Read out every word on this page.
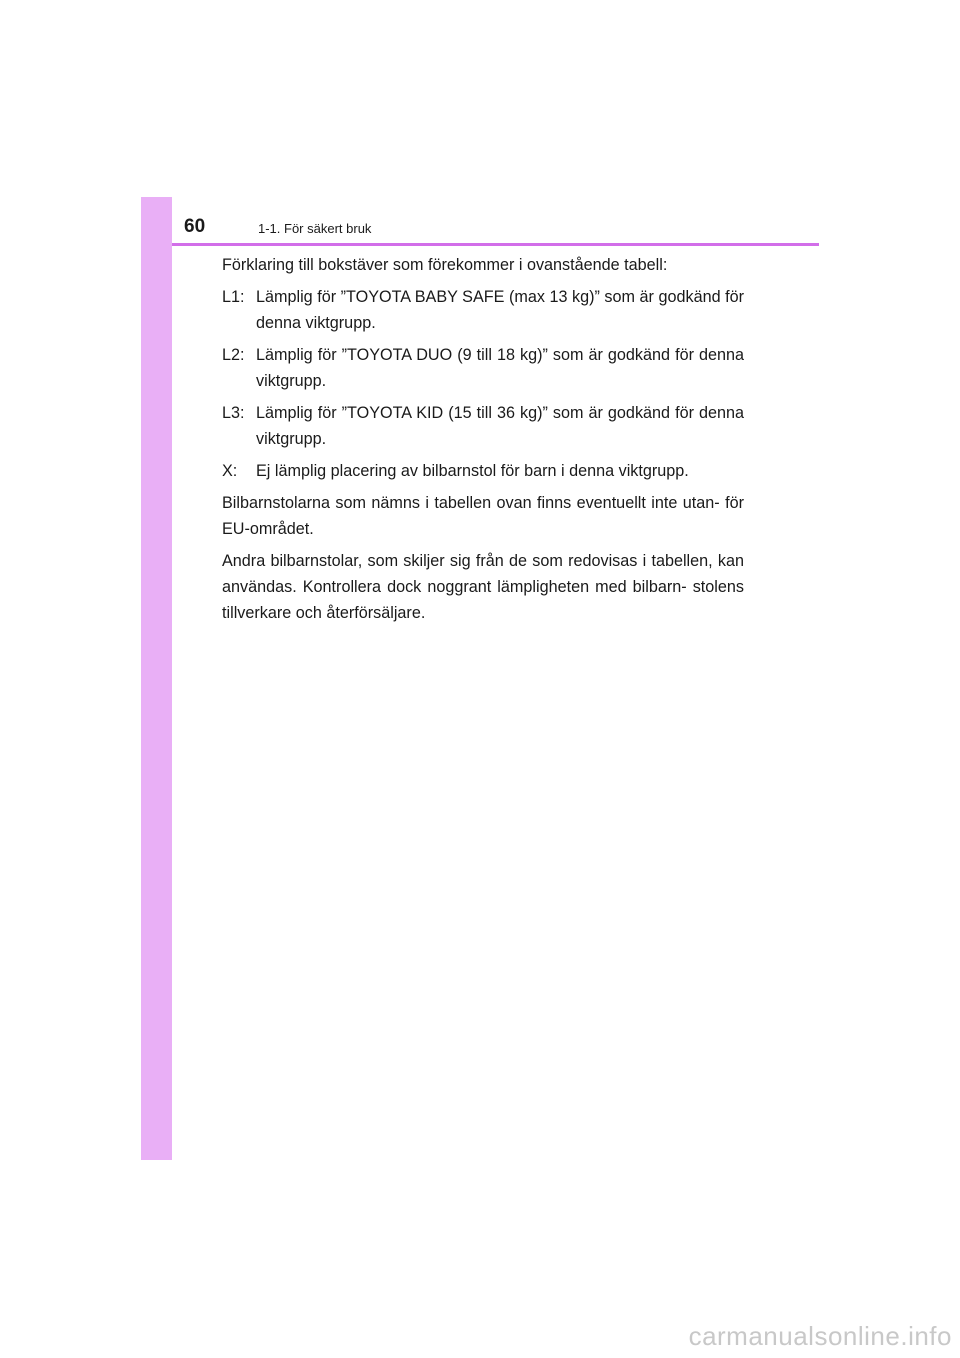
60	1-1. För säkert bruk

Förklaring till bokstäver som förekommer i ovanstående tabell:

L1: Lämplig för ”TOYOTA BABY SAFE (max 13 kg)” som är godkänd för denna viktgrupp.
L2: Lämplig för ”TOYOTA DUO (9 till 18 kg)” som är godkänd för denna viktgrupp.
L3: Lämplig för ”TOYOTA KID (15 till 36 kg)” som är godkänd för denna viktgrupp.
X:	Ej lämplig placering av bilbarnstol för barn i denna viktgrupp.

Bilbarnstolarna som nämns i tabellen ovan finns eventuellt inte utan- för EU-området.

Andra bilbarnstolar, som skiljer sig från de som redovisas i tabellen, kan användas. Kontrollera dock noggrant lämpligheten med bilbarn- stolens tillverkare och återförsäljare.

carmanualsonline.info
